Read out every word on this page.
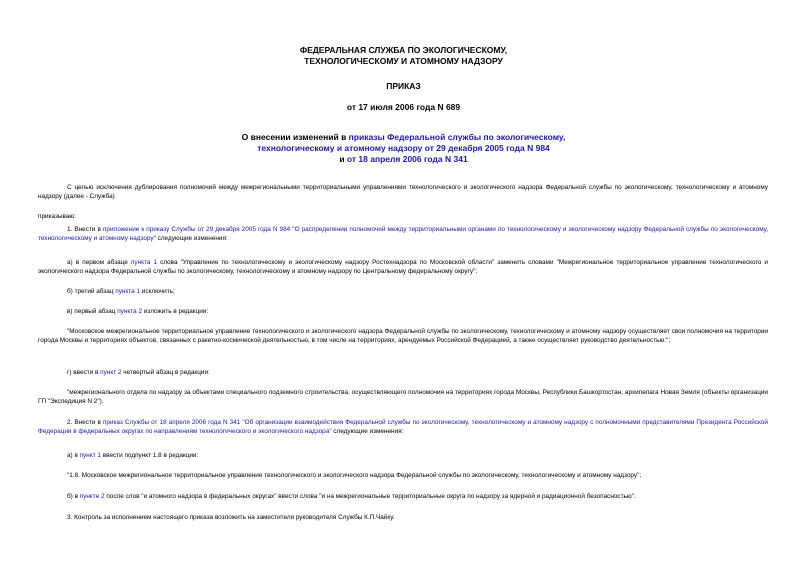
ФЕДЕРАЛЬНАЯ СЛУЖБА ПО ЭКОЛОГИЧЕСКОМУ,
ТЕХНОЛОГИЧЕСКОМУ И АТОМНОМУ НАДЗОРУ
ПРИКАЗ
от 17 июля 2006 года N 689
О внесении изменений в приказы Федеральной службы по экологическому,
технологическому и атомному надзору от 29 декабря 2005 года N 984
и от 18 апреля 2006 года N 341

С целью исключения дублирования полномочий между межрегиональными территориальными управлениями технологического и экологического надзора Федеральной службы по экологическому, технологическому и атомному надзору (далее - Служба)

приказываю:

1. Внести в приложение к приказу Службы от 29 декабря 2005 года N 984 "О распределении полномочий между территориальными органами по технологическому и экологическому надзору Федеральной службы по экологическому, технологическому и атомному надзору" следующие изменения:

а) в первом абзаце пункта 1 слова "Управление по технологическому и экологическому надзору Ростехнадзора по Московской области" заменить словами "Межрегиональное территориальное управление технологического и экологического надзора Федеральной службы по экологическому, технологическому и атомному надзору по Центральному федеральному округу";

б) третий абзац пункта 1 исключить;

в) первый абзац пункта 2 изложить в редакции:

"Московское межрегиональное территориальное управление технологического и экологического надзора Федеральной службы по экологическому, технологическому и атомному надзору осуществляет свои полномочия на территории города Москвы и территориях объектов, связанных с ракетно-космической деятельностью, в том числе на территориях, арендуемых Российской Федерацией, а также осуществляет руководство деятельностью:";

г) ввести в пункт 2 четвертый абзац в редакции:

"межрегионального отдела по надзору за объектами специального подземного строительства, осуществляющего полномочия на территориях города Москвы, Республики Башкортостан, архипелага Новая Земля (объекты организации ГП "Экспедиция N 2").

2. Внести в приказ Службы от 18 апреля 2006 года N 341 "Об организации взаимодействия Федеральной службы по экологическому, технологическому и атомному надзору с полномочными представителями Президента Российской Федерации в федеральных округах по направлениям технологического и экологического надзора" следующие изменения:

а) в пункт 1 ввести подпункт 1.8 в редакции:

"1.8. Московское межрегиональное территориальное управление технологического и экологического надзора Федеральной службы по экологическому, технологическому и атомному надзору";

б) в пункте 2 после слов "и атомного надзора в федеральных округах" ввести слова "и на межрегиональные территориальные округа по надзору за ядерной и радиационной безопасностью".

3. Контроль за исполнением настоящего приказа возложить на заместителя руководителя Службы К.П.Чайку.
